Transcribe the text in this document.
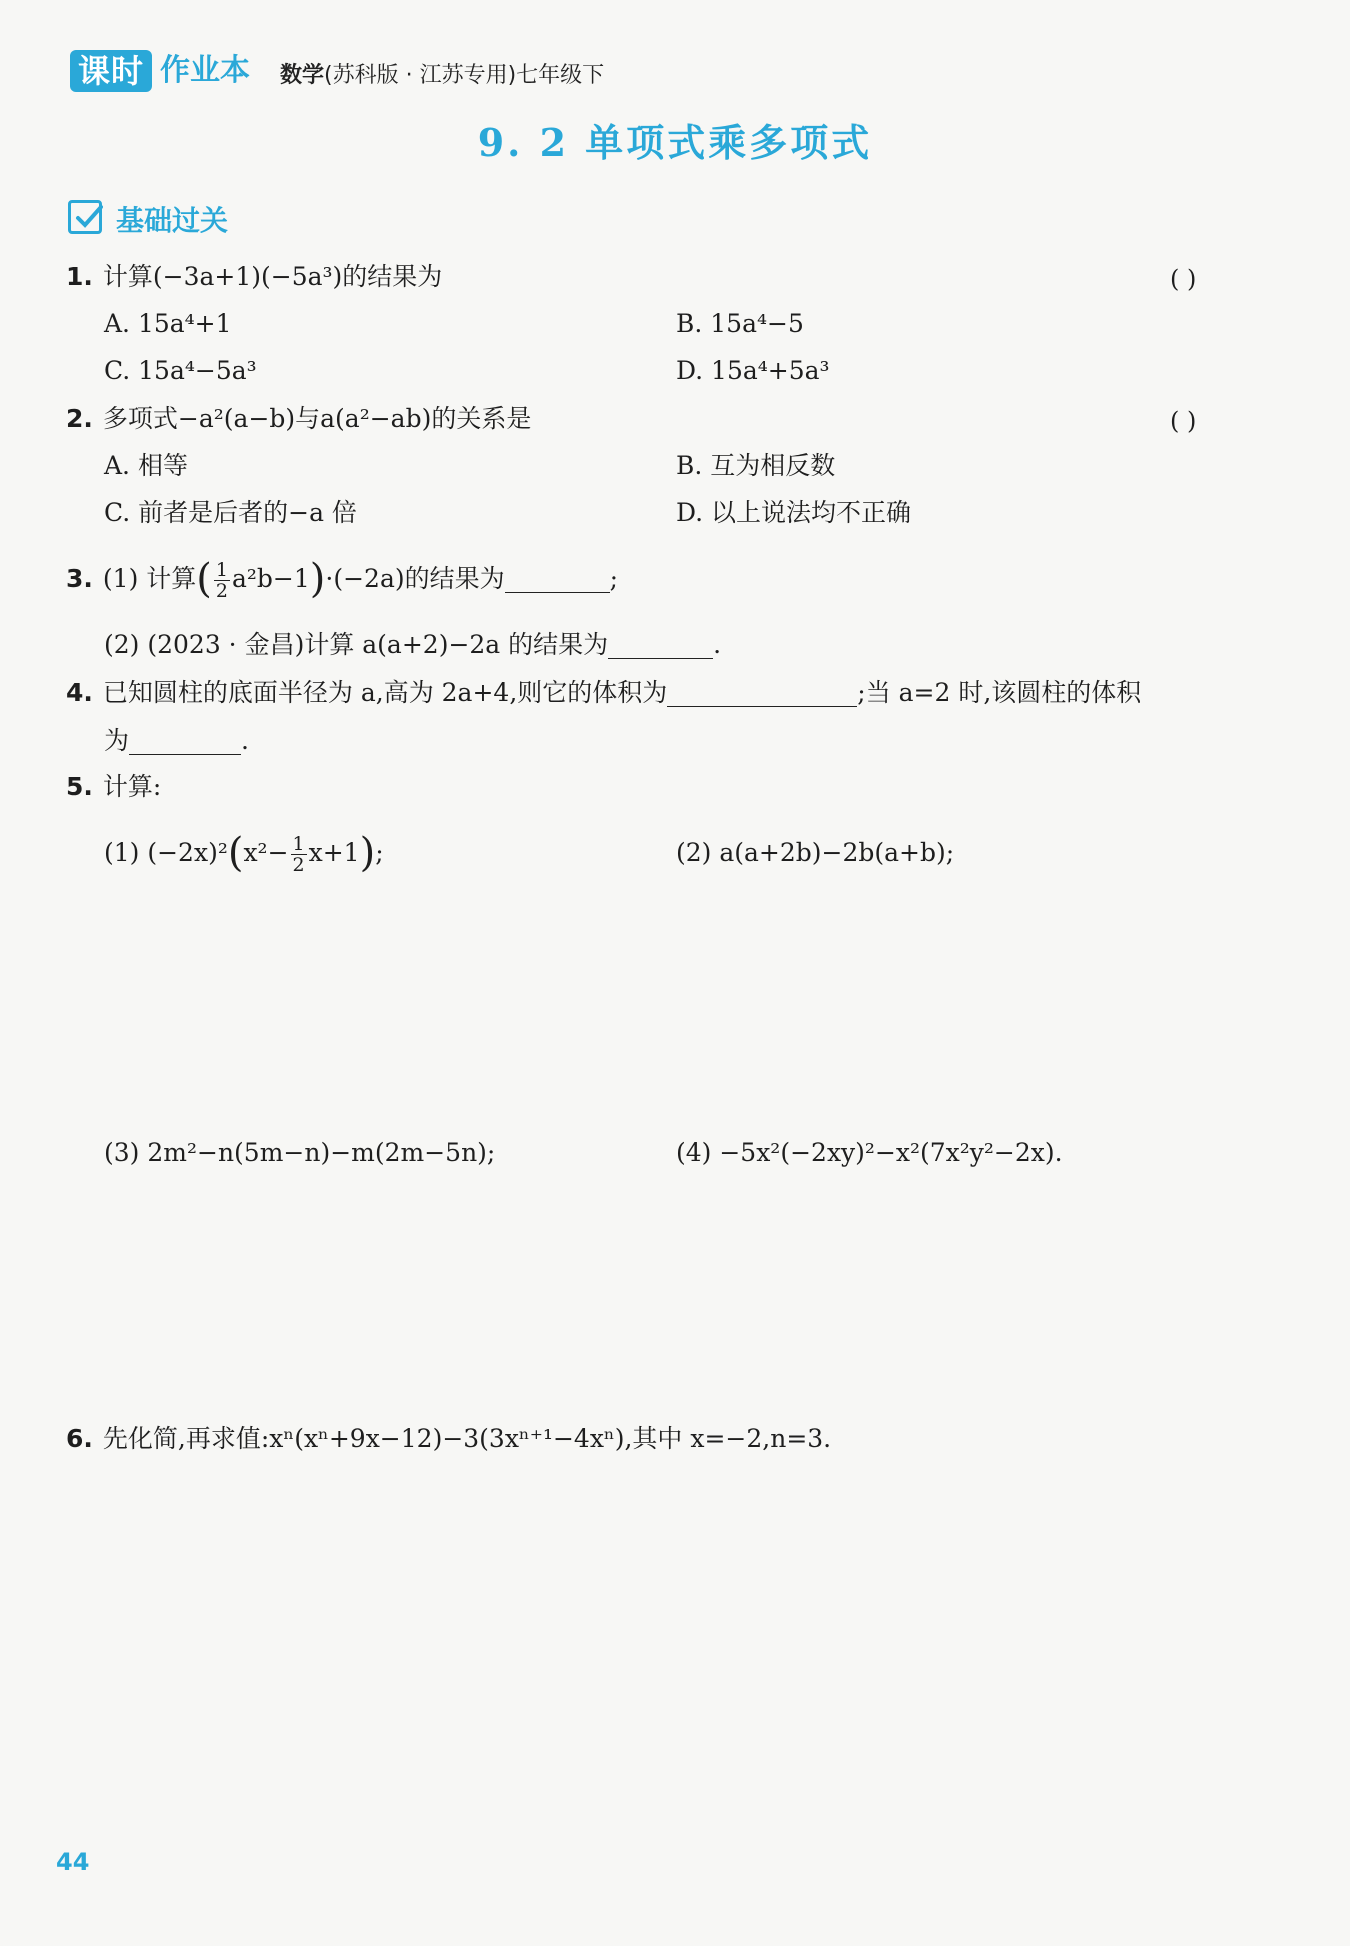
课时 作业本 数学(苏科版 · 江苏专用)七年级下
9. 2 单项式乘多项式
基础过关
1. 计算(−3a+1)(−5a³)的结果为	( )
A. 15a⁴+1	B. 15a⁴−5
C. 15a⁴−5a³	D. 15a⁴+5a³
2. 多项式−a²(a−b)与a(a²−ab)的关系是	( )
A. 相等	B. 互为相反数
C. 前者是后者的−a 倍	D. 以上说法均不正确
3. (1) 计算( $\frac{1}{2} a^2b-1)\cdot(-2a)$的结果为	;
(2) (2023 · 金昌)计算 a(a+2)−2a 的结果为	.
4. 已知圆柱的底面半径为 a,高为 2a+4,则它的体积为	;当 a=2 时,该圆柱的体积
为	.
5. 计算:
(1) $(-2x)^2(x^2- \frac{1}{2} x+1)$;	(2) a(a+2b)−2b(a+b);
(3) 2m²−n(5m−n)−m(2m−5n);	(4) −5x²(−2xy)²−x²(7x²y²−2x).
6. 先化简,再求值:xⁿ(xⁿ+9x−12)−3(3xⁿ⁺¹−4xⁿ),其中 x=−2,n=3.
44
